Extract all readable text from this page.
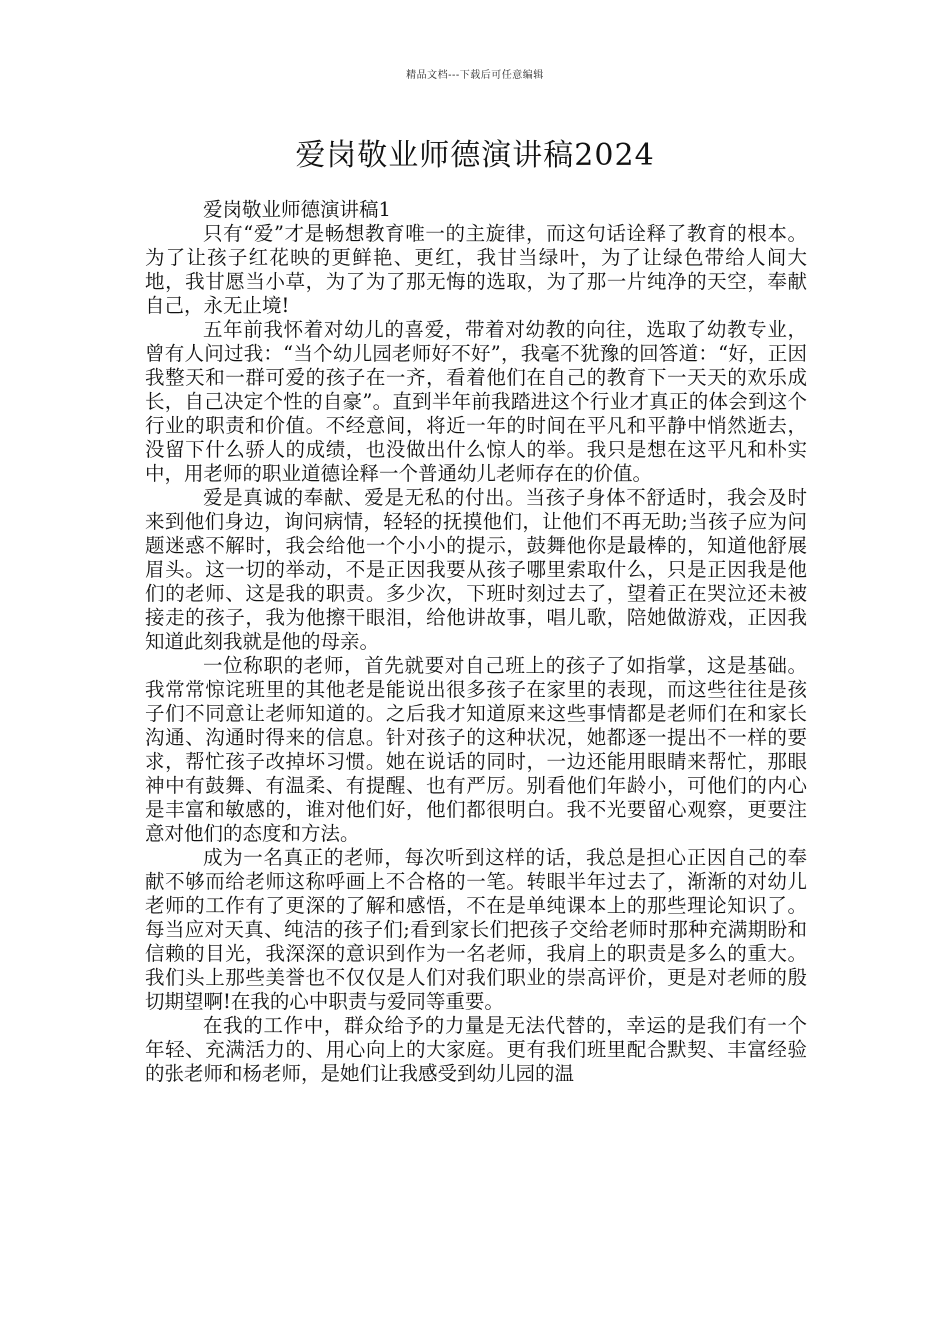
精品文档---下载后可任意编辑
爱岗敬业师德演讲稿2024

爱岗敬业师德演讲稿1

只有“爱”才是畅想教育唯一的主旋律，而这句话诠释了教育的根本。为了让孩子红花映的更鲜艳、更红，我甘当绿叶，为了让绿色带给人间大地，我甘愿当小草，为了为了那无悔的选取，为了那一片纯净的天空，奉献自己，永无止境!

五年前我怀着对幼儿的喜爱，带着对幼教的向往，选取了幼教专业，曾有人问过我：“当个幼儿园老师好不好”，我毫不犹豫的回答道：“好，正因我整天和一群可爱的孩子在一齐，看着他们在自己的教育下一天天的欢乐成长，自己决定个性的自豪”。直到半年前我踏进这个行业才真正的体会到这个行业的职责和价值。不经意间，将近一年的时间在平凡和平静中悄然逝去，没留下什么骄人的成绩，也没做出什么惊人的举。我只是想在这平凡和朴实中，用老师的职业道德诠释一个普通幼儿老师存在的价值。

爱是真诚的奉献、爱是无私的付出。当孩子身体不舒适时，我会及时来到他们身边，询问病情，轻轻的抚摸他们，让他们不再无助;当孩子应为问题迷惑不解时，我会给他一个小小的提示，鼓舞他你是最棒的，知道他舒展眉头。这一切的举动，不是正因我要从孩子哪里索取什么，只是正因我是他们的老师、这是我的职责。多少次，下班时刻过去了，望着正在哭泣还未被接走的孩子，我为他擦干眼泪，给他讲故事，唱儿歌，陪她做游戏，正因我知道此刻我就是他的母亲。

一位称职的老师，首先就要对自己班上的孩子了如指掌，这是基础。我常常惊诧班里的其他老是能说出很多孩子在家里的表现，而这些往往是孩子们不同意让老师知道的。之后我才知道原来这些事情都是老师们在和家长沟通、沟通时得来的信息。针对孩子的这种状况，她都逐一提出不一样的要求，帮忙孩子改掉坏习惯。她在说话的同时，一边还能用眼睛来帮忙，那眼神中有鼓舞、有温柔、有提醒、也有严厉。别看他们年龄小，可他们的内心是丰富和敏感的，谁对他们好，他们都很明白。我不光要留心观察，更要注意对他们的态度和方法。

成为一名真正的老师，每次听到这样的话，我总是担心正因自己的奉献不够而给老师这称呼画上不合格的一笔。转眼半年过去了，渐渐的对幼儿老师的工作有了更深的了解和感悟，不在是单纯课本上的那些理论知识了。每当应对天真、纯洁的孩子们;看到家长们把孩子交给老师时那种充满期盼和信赖的目光，我深深的意识到作为一名老师，我肩上的职责是多么的重大。我们头上那些美誉也不仅仅是人们对我们职业的崇高评价，更是对老师的殷切期望啊!在我的心中职责与爱同等重要。

在我的工作中，群众给予的力量是无法代替的，幸运的是我们有一个年轻、充满活力的、用心向上的大家庭。更有我们班里配合默契、丰富经验的张老师和杨老师，是她们让我感受到幼儿园的温
